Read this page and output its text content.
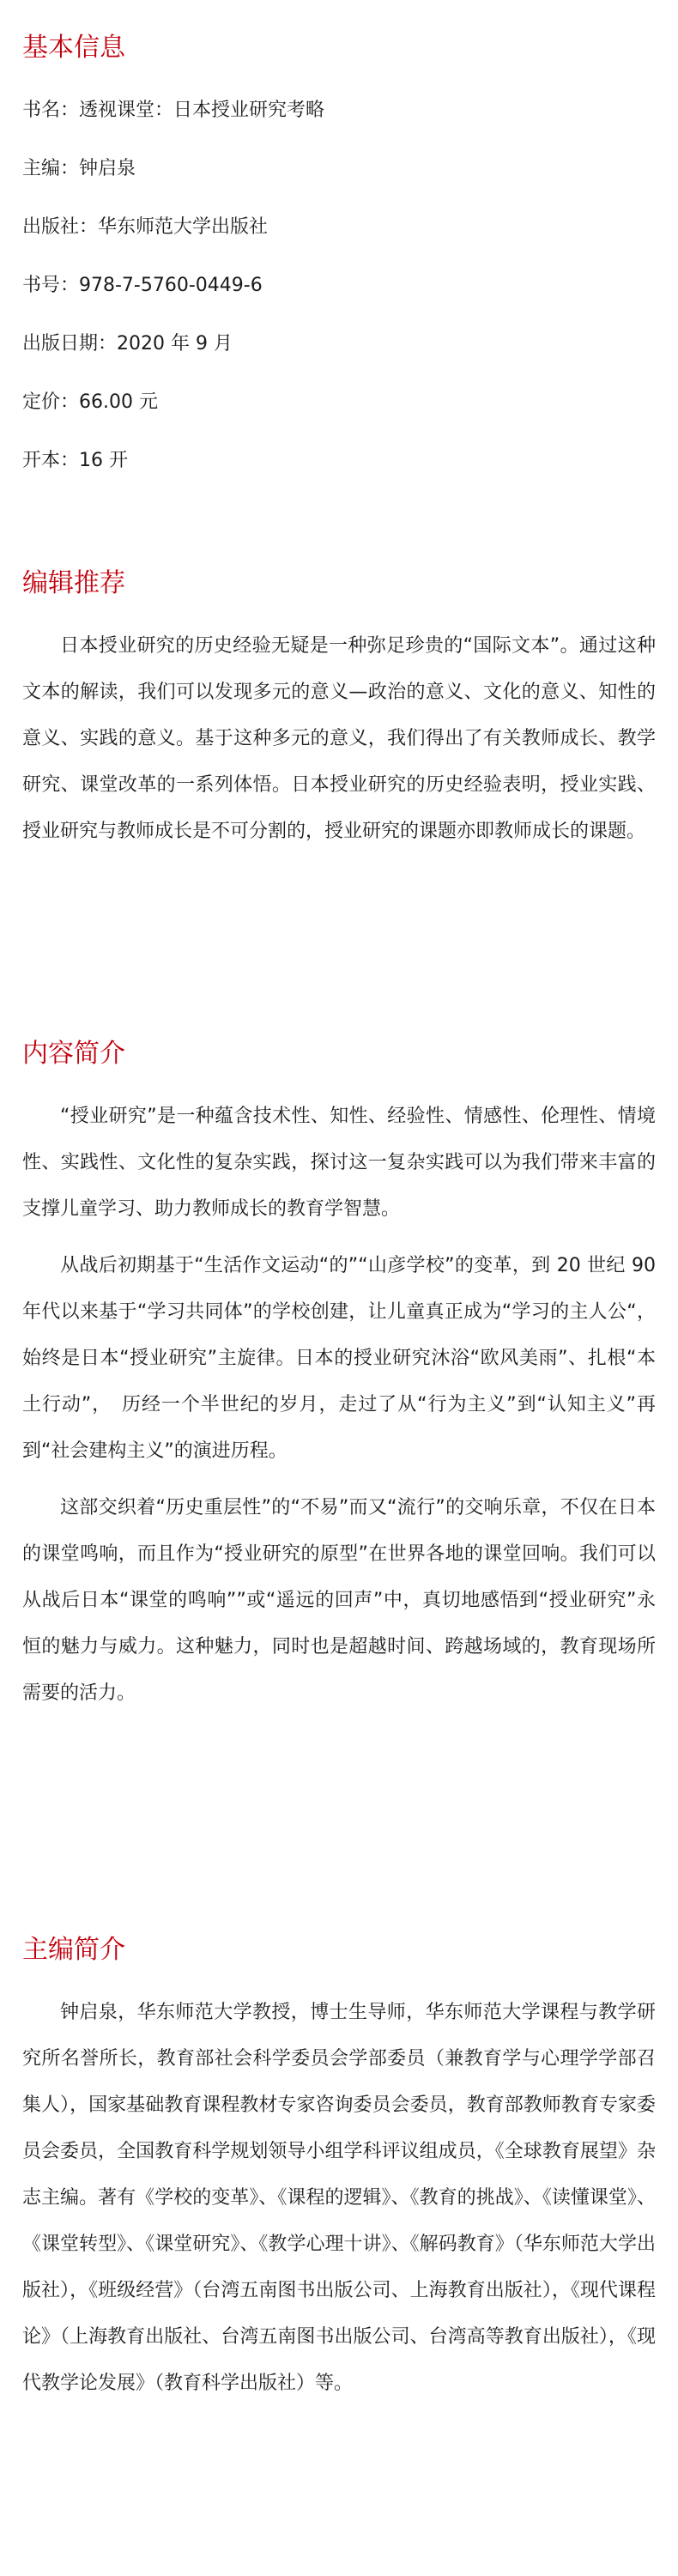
基本信息

书名：透视课堂：日本授业研究考略

主编：钟启泉

出版社：华东师范大学出版社

书号：978-7-5760-0449-6

出版日期：2020 年 9 月

定价：66.00 元

开本：16 开

编辑推荐

日本授业研究的历史经验无疑是一种弥足珍贵的“国际文本”。通过这种文本的解读，我们可以发现多元的意义—政治的意义、文化的意义、知性的意义、实践的意义。基于这种多元的意义，我们得出了有关教师成长、教学研究、课堂改革的一系列体悟。日本授业研究的历史经验表明，授业实践、授业研究与教师成长是不可分割的，授业研究的课题亦即教师成长的课题。

内容简介

“授业研究”是一种蕴含技术性、知性、经验性、情感性、伦理性、情境性、实践性、文化性的复杂实践，探讨这一复杂实践可以为我们带来丰富的支撑儿童学习、助力教师成长的教育学智慧。

从战后初期基于“生活作文运动“的”“山彦学校”的变革，到 20 世纪 90 年代以来基于“学习共同体”的学校创建，让儿童真正成为“学习的主人公“，始终是日本“授业研究”主旋律。日本的授业研究沐浴“欧风美雨”、扎根“本土行动”，　历经一个半世纪的岁月，走过了从“行为主义”到“认知主义”再到“社会建构主义”的演进历程。

这部交织着“历史重层性”的“不易”而又“流行”的交响乐章，不仅在日本的课堂鸣响，而且作为“授业研究的原型”在世界各地的课堂回响。我们可以从战后日本“课堂的鸣响””或“遥远的回声”中，真切地感悟到“授业研究”永恒的魅力与威力。这种魅力，同时也是超越时间、跨越场域的，教育现场所需要的活力。

主编简介

钟启泉，华东师范大学教授，博士生导师，华东师范大学课程与教学研究所名誉所长，教育部社会科学委员会学部委员（兼教育学与心理学学部召集人），国家基础教育课程教材专家咨询委员会委员，教育部教师教育专家委员会委员，全国教育科学规划领导小组学科评议组成员，《全球教育展望》杂志主编。著有《学校的变革》、《课程的逻辑》、《教育的挑战》、《读懂课堂》、《课堂转型》、《课堂研究》、《教学心理十讲》、《解码教育》（华东师范大学出版社），《班级经营》（台湾五南图书出版公司、上海教育出版社），《现代课程论》（上海教育出版社、台湾五南图书出版公司、台湾高等教育出版社），《现代教学论发展》（教育科学出版社）等。
